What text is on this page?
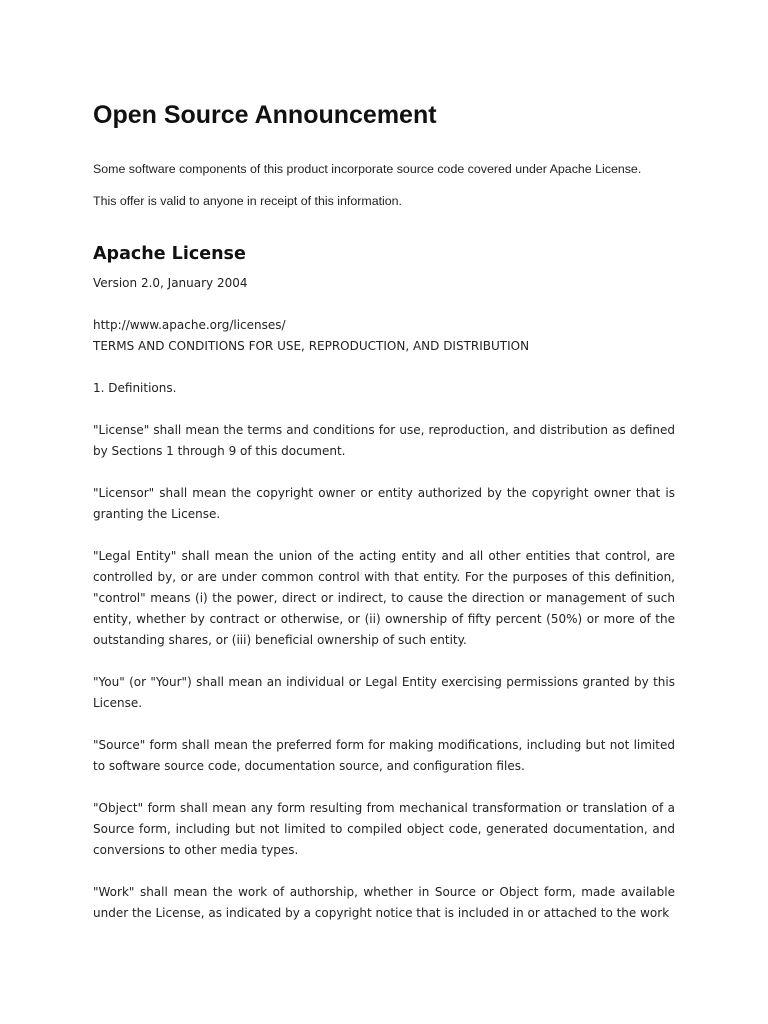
Open Source Announcement

Some software components of this product incorporate source code covered under Apache License.

This offer is valid to anyone in receipt of this information.

Apache License

Version 2.0, January 2004

http://www.apache.org/licenses/

TERMS AND CONDITIONS FOR USE, REPRODUCTION, AND DISTRIBUTION

1. Definitions.

"License" shall mean the terms and conditions for use, reproduction, and distribution as defined by Sections 1 through 9 of this document.

"Licensor" shall mean the copyright owner or entity authorized by the copyright owner that is granting the License.

"Legal Entity" shall mean the union of the acting entity and all other entities that control, are controlled by, or are under common control with that entity. For the purposes of this definition, "control" means (i) the power, direct or indirect, to cause the direction or management of such entity, whether by contract or otherwise, or (ii) ownership of fifty percent (50%) or more of the outstanding shares, or (iii) beneficial ownership of such entity.

"You" (or "Your") shall mean an individual or Legal Entity exercising permissions granted by this License.

"Source" form shall mean the preferred form for making modifications, including but not limited to software source code, documentation source, and configuration files.

"Object" form shall mean any form resulting from mechanical transformation or translation of a Source form, including but not limited to compiled object code, generated documentation, and conversions to other media types.

"Work" shall mean the work of authorship, whether in Source or Object form, made available under the License, as indicated by a copyright notice that is included in or attached to the work
